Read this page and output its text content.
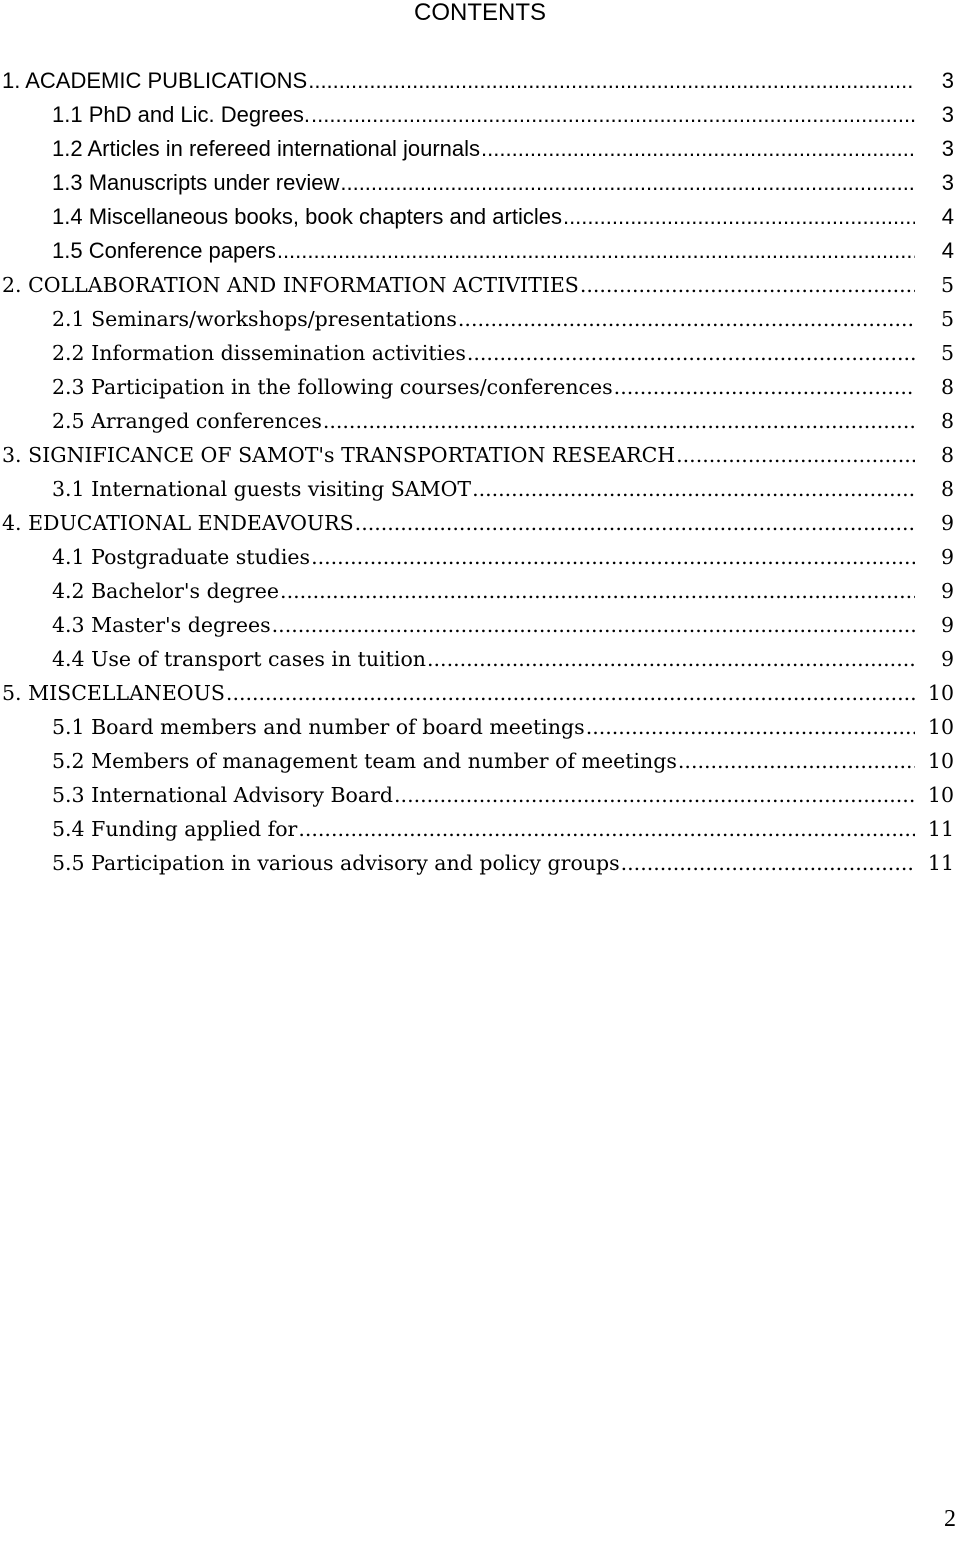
CONTENTS
1. ACADEMIC PUBLICATIONS .....	3
1.1 PhD and Lic. Degrees. .....	3
1.2 Articles in refereed international journals .....	3
1.3 Manuscripts under review .....	3
1.4 Miscellaneous books, book chapters and articles .....	4
1.5 Conference papers .....	4
2. COLLABORATION AND INFORMATION ACTIVITIES .....	5
2.1 Seminars/workshops/presentations .....	5
2.2 Information dissemination activities .....	5
2.3 Participation in the following courses/conferences .....	8
2.5 Arranged conferences .....	8
3. SIGNIFICANCE OF SAMOT's TRANSPORTATION RESEARCH .....	8
3.1 International guests visiting SAMOT .....	8
4. EDUCATIONAL ENDEAVOURS .....	9
4.1 Postgraduate studies .....	9
4.2 Bachelor's degree .....	9
4.3 Master's degrees .....	9
4.4 Use of transport cases in tuition .....	9
5. MISCELLANEOUS .....	10
5.1 Board members and number of board meetings .....	10
5.2 Members of management team and number of meetings .....	10
5.3 International Advisory Board .....	10
5.4 Funding applied for .....	11
5.5 Participation in various advisory and policy groups .....	11
2
